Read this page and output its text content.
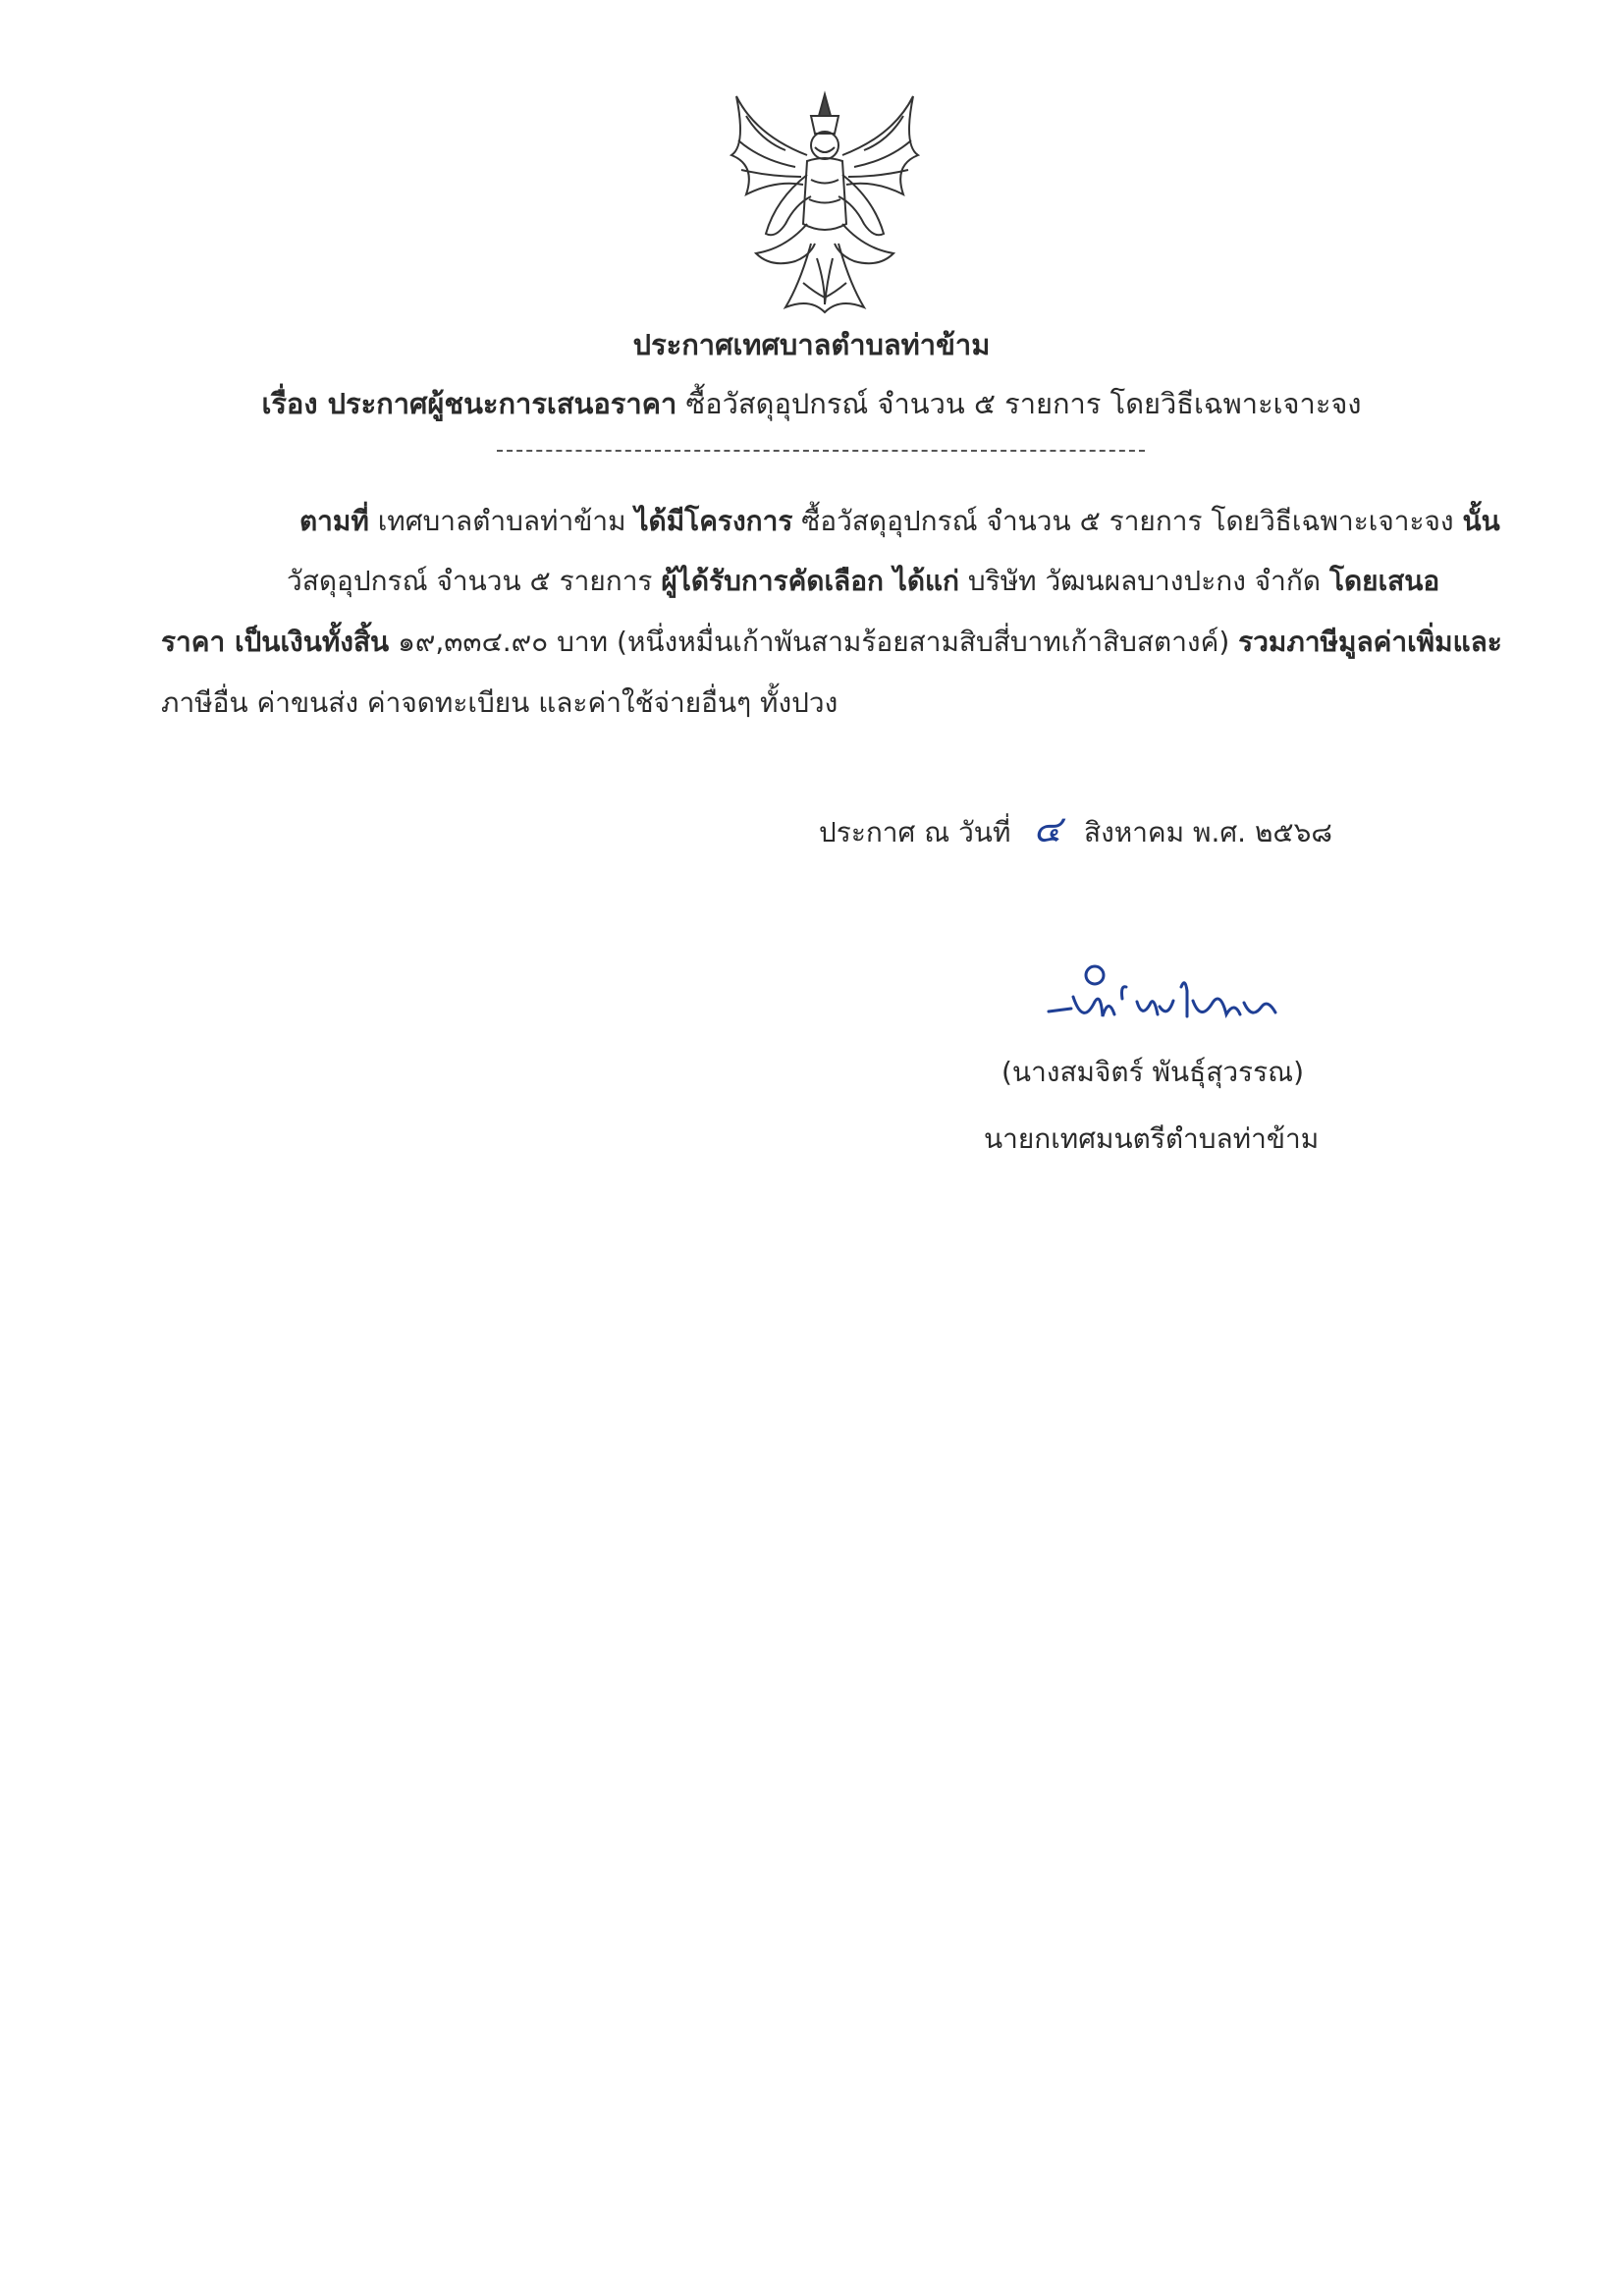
ประกาศเทศบาลตำบลท่าข้าม
เรื่อง ประกาศผู้ชนะการเสนอราคา ซื้อวัสดุอุปกรณ์ จำนวน ๕ รายการ โดยวิธีเฉพาะเจาะจง
ตามที่ เทศบาลตำบลท่าข้าม ได้มีโครงการ ซื้อวัสดุอุปกรณ์ จำนวน ๕ รายการ โดยวิธีเฉพาะเจาะจง นั้น
วัสดุอุปกรณ์ จำนวน ๕ รายการ ผู้ได้รับการคัดเลือก ได้แก่ บริษัท วัฒนผลบางปะกง จำกัด โดยเสนอ
ราคา เป็นเงินทั้งสิ้น ๑๙,๓๓๔.๙๐ บาท (หนึ่งหมื่นเก้าพันสามร้อยสามสิบสี่บาทเก้าสิบสตางค์) รวมภาษีมูลค่าเพิ่มและ
ภาษีอื่น ค่าขนส่ง ค่าจดทะเบียน และค่าใช้จ่ายอื่นๆ ทั้งปวง
ประกาศ ณ วันที่ ๔ สิงหาคม พ.ศ. ๒๕๖๘
(นางสมจิตร์ พันธุ์สุวรรณ)
นายกเทศมนตรีตำบลท่าข้าม
